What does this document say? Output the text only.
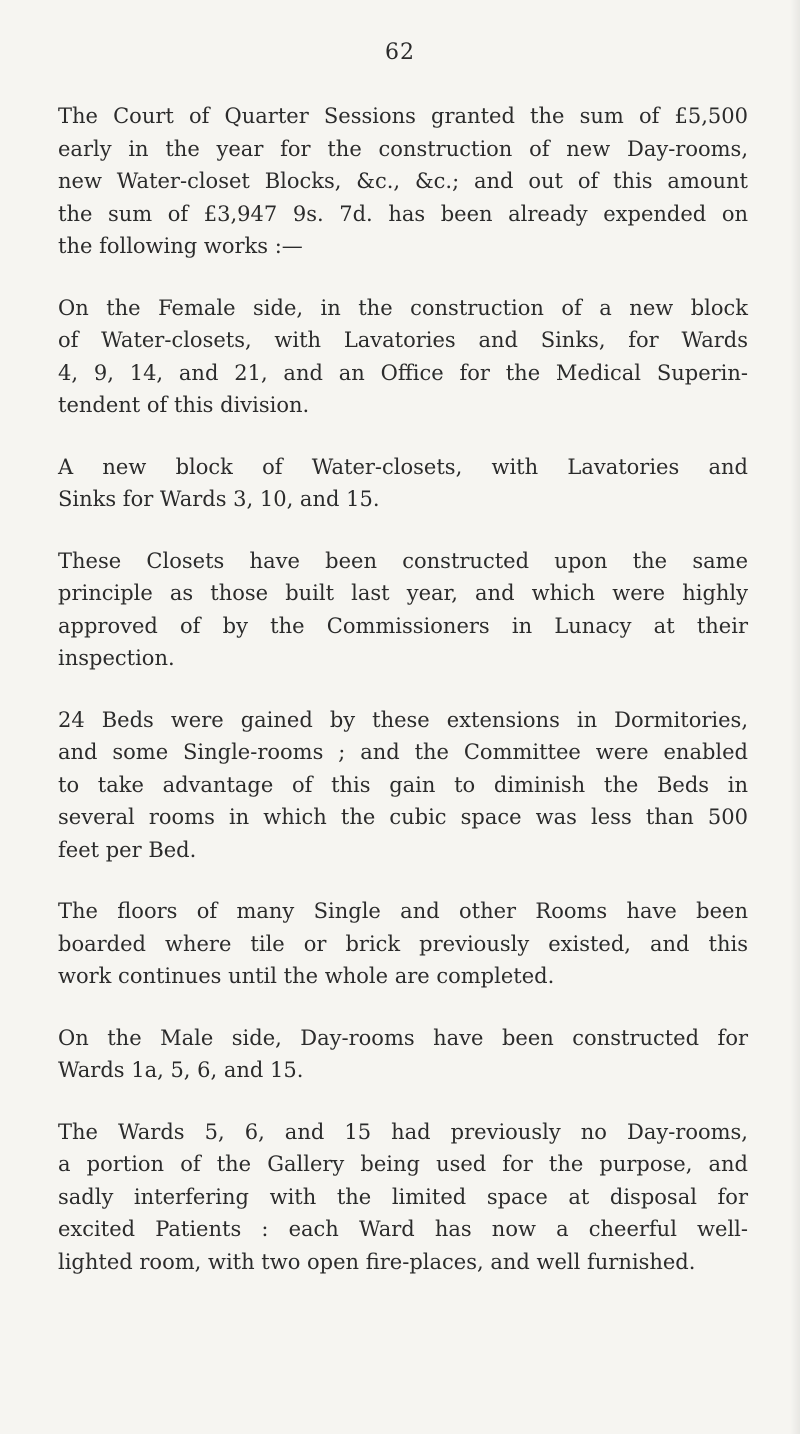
62

The Court of Quarter Sessions granted the sum of £5,500
early in the year for the construction of new Day-rooms,
new Water-closet Blocks, &c., &c.; and out of this amount
the sum of £3,947 9s. 7d. has been already expended on
the following works :—

On the Female side, in the construction of a new block
of Water-closets, with Lavatories and Sinks, for Wards
4, 9, 14, and 21, and an Office for the Medical Superin-
tendent of this division.

A new block of Water-closets, with Lavatories and
Sinks for Wards 3, 10, and 15.

These Closets have been constructed upon the same
principle as those built last year, and which were highly
approved of by the Commissioners in Lunacy at their
inspection.

24 Beds were gained by these extensions in Dormitories,
and some Single-rooms ; and the Committee were enabled
to take advantage of this gain to diminish the Beds in
several rooms in which the cubic space was less than 500
feet per Bed.

The floors of many Single and other Rooms have been
boarded where tile or brick previously existed, and this
work continues until the whole are completed.

On the Male side, Day-rooms have been constructed for
Wards 1a, 5, 6, and 15.

The Wards 5, 6, and 15 had previously no Day-rooms,
a portion of the Gallery being used for the purpose, and
sadly interfering with the limited space at disposal for
excited Patients : each Ward has now a cheerful well-
lighted room, with two open fire-places, and well furnished.
